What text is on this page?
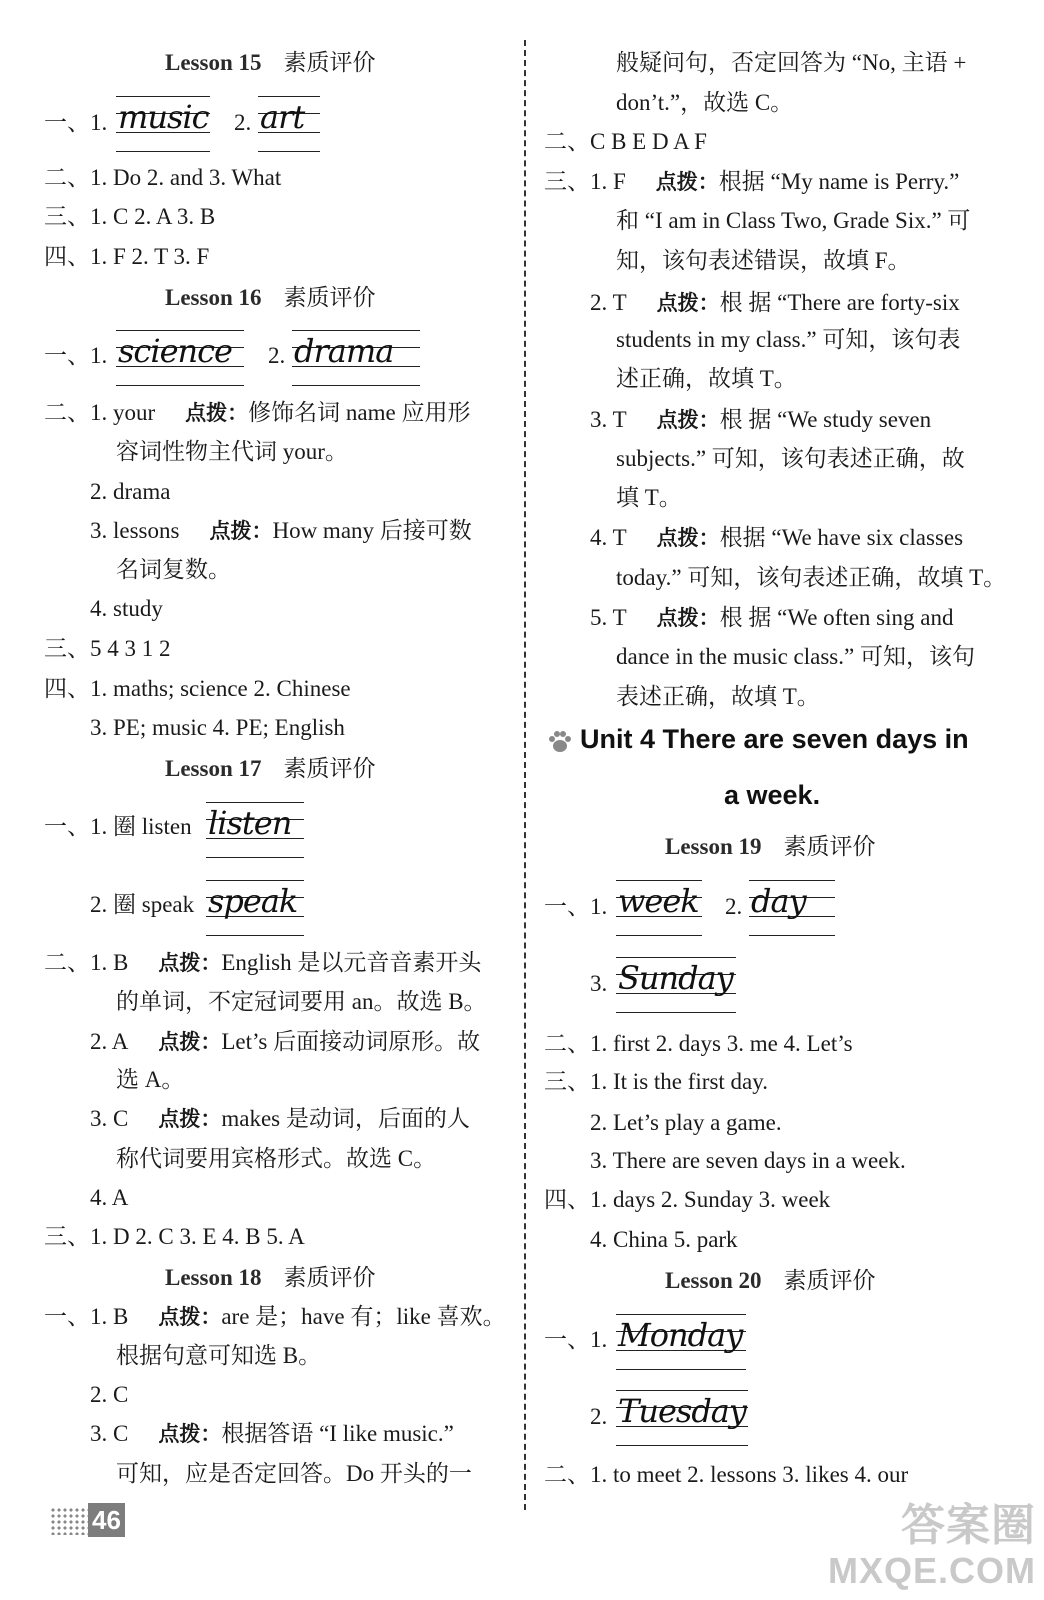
Lesson 15 素质评价
一、1. music 2. art
二、1. Do 2. and 3. What
三、1. C 2. A 3. B
四、1. F 2. T 3. F
Lesson 16 素质评价
一、1. science 2. drama
二、1. your 点拨：修饰名词 name 应用形
容词性物主代词 your。
2. drama
3. lessons 点拨：How many 后接可数
名词复数。
4. study
三、5 4 3 1 2
四、1. maths; science 2. Chinese
3. PE; music 4. PE; English
Lesson 17 素质评价
一、1. 圈 listen listen
2. 圈 speak speak
二、1. B 点拨：English 是以元音音素开头
的单词，不定冠词要用 an。故选 B。
2. A 点拨：Let’s 后面接动词原形。故
选 A。
3. C 点拨：makes 是动词，后面的人
称代词要用宾格形式。故选 C。
4. A
三、1. D 2. C 3. E 4. B 5. A
Lesson 18 素质评价
一、1. B 点拨：are 是；have 有；like 喜欢。
根据句意可知选 B。
2. C
3. C 点拨：根据答语 “I like music.”
可知，应是否定回答。Do 开头的一
般疑问句，否定回答为 “No, 主语 +
don’t.”，故选 C。
二、C B E D A F
三、1. F 点拨：根据 “My name is Perry.”
和 “I am in Class Two, Grade Six.” 可
知，该句表述错误，故填 F。
2. T 点拨：根 据 “There are forty-six
students in my class.” 可知，该句表
述正确，故填 T。
3. T 点拨：根 据 “We study seven
subjects.” 可知，该句表述正确，故
填 T。
4. T 点拨：根据 “We have six classes
today.” 可知，该句表述正确，故填 T。
5. T 点拨：根 据 “We often sing and
dance in the music class.” 可知，该句
表述正确，故填 T。
Unit 4 There are seven days in
a week.
Lesson 19 素质评价
一、1. week 2. day
3. Sunday
二、1. first 2. days 3. me 4. Let’s
三、1. It is the first day.
2. Let’s play a game.
3. There are seven days in a week.
四、1. days 2. Sunday 3. week
4. China 5. park
Lesson 20 素质评价
一、1. Monday
2. Tuesday
二、1. to meet 2. lessons 3. likes 4. our
46	答案圈
MXQE.COM
